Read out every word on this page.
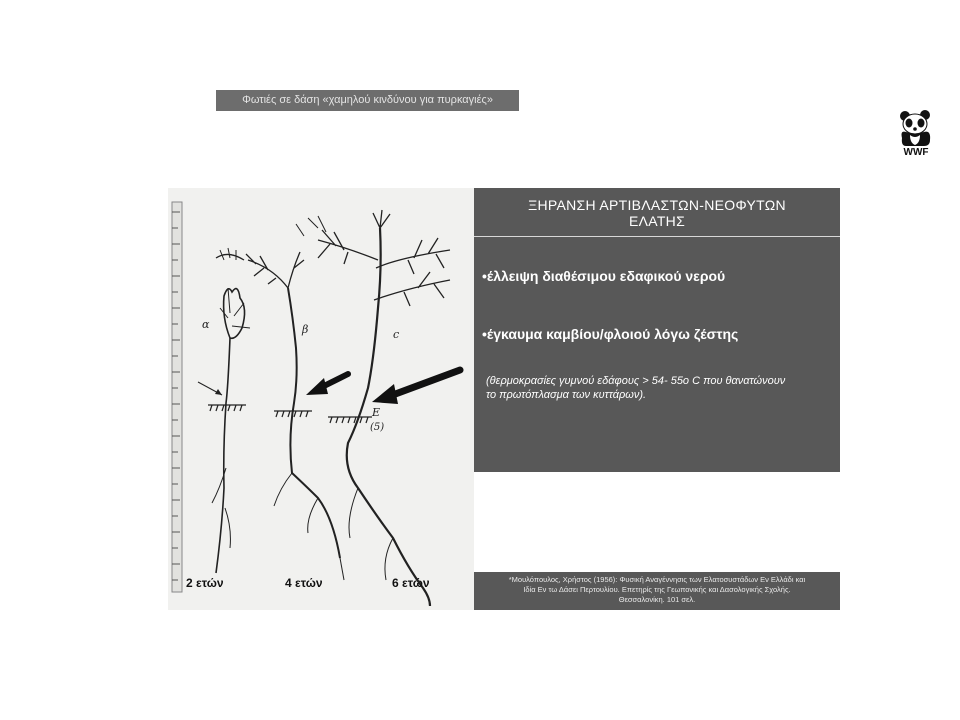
Φωτιές σε δάση «χαμηλού κινδύνου για πυρκαγιές»
WWF
α	β	c
E
(5)
2 ετών	4 ετών	6 ετών
ΞΗΡΑΝΣΗ ΑΡΤΙΒΛΑΣΤΩΝ-ΝΕΟΦΥΤΩΝ
ΕΛΑΤΗΣ
•έλλειψη διαθέσιμου εδαφικού νερού
•έγκαυμα καμβίου/φλοιού λόγω ζέστης
(θερμοκρασίες γυμνού εδάφους > 54- 55ο C που θανατώνουν το πρωτόπλασμα των κυττάρων).
*Μουλόπουλος, Χρήστος (1956): Φυσική Αναγέννησις των Ελατοσυστάδων Εν Ελλάδι και
Ιδία Εν τω Δάσει Περτουλίου. Επετηρίς της Γεωπονικής και Δασολογικής Σχολής.
Θεσσαλονίκη. 101 σελ.
